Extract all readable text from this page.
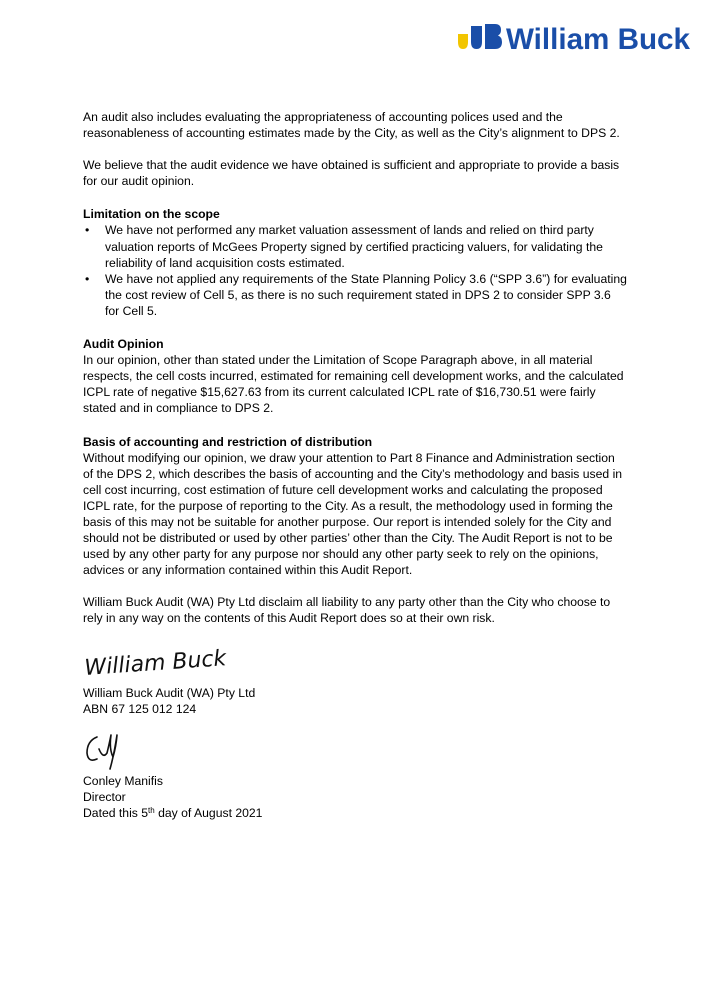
William Buck

An audit also includes evaluating the appropriateness of accounting polices used and the reasonableness of accounting estimates made by the City, as well as the City’s alignment to DPS 2.

We believe that the audit evidence we have obtained is sufficient and appropriate to provide a basis for our audit opinion.

Limitation on the scope
• We have not performed any market valuation assessment of lands and relied on third party valuation reports of McGees Property signed by certified practicing valuers, for validating the reliability of land acquisition costs estimated.
• We have not applied any requirements of the State Planning Policy 3.6 (“SPP 3.6”) for evaluating the cost review of Cell 5, as there is no such requirement stated in DPS 2 to consider SPP 3.6 for Cell 5.
Audit Opinion

In our opinion, other than stated under the Limitation of Scope Paragraph above, in all material respects, the cell costs incurred, estimated for remaining cell development works, and the calculated ICPL rate of negative $15,627.63 from its current calculated ICPL rate of $16,730.51 were fairly stated and in compliance to DPS 2.

Basis of accounting and restriction of distribution

Without modifying our opinion, we draw your attention to Part 8 Finance and Administration section of the DPS 2, which describes the basis of accounting and the City’s methodology and basis used in cell cost incurring, cost estimation of future cell development works and calculating the proposed ICPL rate, for the purpose of reporting to the City. As a result, the methodology used in forming the basis of this may not be suitable for another purpose. Our report is intended solely for the City and should not be distributed or used by other parties’ other than the City. The Audit Report is not to be used by any other party for any purpose nor should any other party seek to rely on the opinions, advices or any information contained within this Audit Report.

William Buck Audit (WA) Pty Ltd disclaim all liability to any party other than the City who choose to rely in any way on the contents of this Audit Report does so at their own risk.

William Buck

William Buck Audit (WA) Pty Ltd

ABN 67 125 012 124

Conley Manifis

Director

Dated this 5th day of August 2021
